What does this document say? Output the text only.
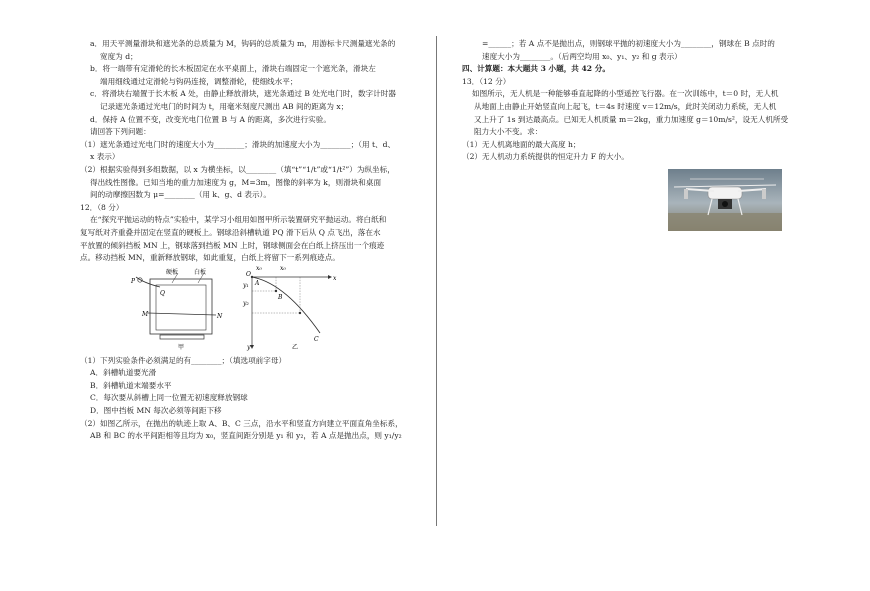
a．用天平测量滑块和遮光条的总质量为 M，钩码的总质量为 m，用游标卡尺测量遮光条的

宽度为 d；

b．将一端带有定滑轮的长木板固定在水平桌面上，滑块右端固定一个遮光条，滑块左

端用细线通过定滑轮与钩码连接，调整滑轮，使细线水平；

c．将滑块右端置于长木板 A 处，由静止释放滑块，遮光条通过 B 处光电门时，数字计时器

记录遮光条通过光电门的时间为 t，用毫米刻度尺测出 AB 间的距离为 x；

d．保持 A 位置不变，改变光电门位置 B 与 A 的距离，多次进行实验。

请回答下列问题：

（1）遮光条通过光电门时的速度大小为________；滑块的加速度大小为________；（用 t、d、

x 表示）

（2）根据实验得到多组数据，以 x 为横坐标，以________（填“t”“1/t”或“1/t²”）为纵坐标，

得出线性图像。已知当地的重力加速度为 g，M=3m，图像的斜率为 k，则滑块和桌面

间的动摩擦因数为 μ=________（用 k、g、d 表示）。

12．（8 分）

在“探究平抛运动的特点”实验中，某学习小组用如图甲所示装置研究平抛运动。将白纸和

复写纸对齐重叠并固定在竖直的硬板上。钢球沿斜槽轨道 PQ 滑下后从 Q 点飞出，落在水

平放置的倾斜挡板 MN 上，钢球落到挡板 MN 上时，钢球侧面会在白纸上挤压出一个痕迹

点。移动挡板 MN，重新释放钢球，如此重复，白纸上将留下一系列痕迹点。

硬板	白板
P
Q
M	N
甲
x₀	x₀
x
y
O
y₁
y₂
A
B
C
乙

（1）下列实验条件必须满足的有________；（填选项前字母）

A．斜槽轨道要光滑

B．斜槽轨道末端要水平

C．每次要从斜槽上同一位置无初速度释放钢球

D．图中挡板 MN 每次必须等间距下移

（2）如图乙所示，在抛出的轨迹上取 A、B、C 三点，沿水平和竖直方向建立平面直角坐标系，

AB 和 BC 的水平间距相等且均为 x₀，竖直间距分别是 y₁ 和 y₂，若 A 点是抛出点，则 y₁/y₂

=______；若 A 点不是抛出点，则钢球平抛的初速度大小为________，钢球在 B 点时的

速度大小为________。（后两空均用 x₀、y₁、y₂ 和 g 表示）

四、计算题：本大题共 3 小题，共 42 分。

13．（12 分）

如图所示，无人机是一种能够垂直起降的小型遥控飞行器。在一次训练中，t＝0 时，无人机

从地面上由静止开始竖直向上起飞，t＝4s 时速度 v＝12m/s，此时关闭动力系统，无人机

又上升了 1s 到达最高点。已知无人机质量 m＝2kg，重力加速度 g＝10m/s²，设无人机所受

阻力大小不变。求：

（1）无人机离地面的最大高度 h；

（2）无人机动力系统提供的恒定升力 F 的大小。
